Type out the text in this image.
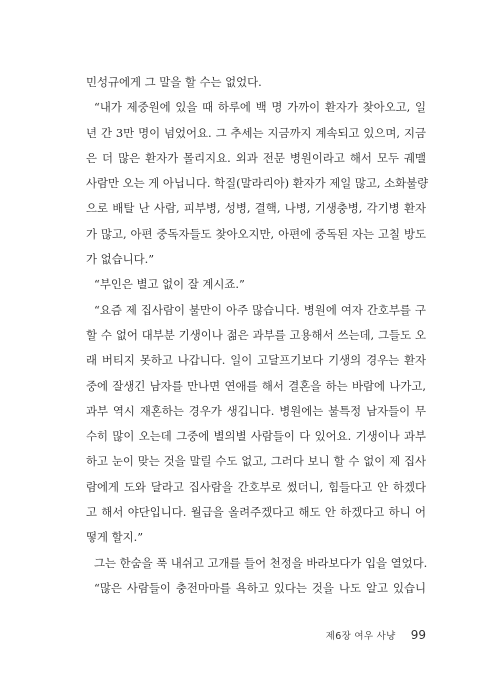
민성규에게 그 말을 할 수는 없었다.
“내가 제중원에 있을 때 하루에 백 명 가까이 환자가 찾아오고, 일
년 간 3만 명이 넘었어요. 그 추세는 지금까지 계속되고 있으며, 지금
은 더 많은 환자가 몰리지요. 외과 전문 병원이라고 해서 모두 궤맬
사람만 오는 게 아닙니다. 학질(말라리아) 환자가 제일 많고, 소화불량
으로 배탈 난 사람, 피부병, 성병, 결핵, 나병, 기생충병, 각기병 환자
가 많고, 아편 중독자들도 찾아오지만, 아편에 중독된 자는 고칠 방도
가 없습니다.”
“부인은 별고 없이 잘 계시죠.”
“요즘 제 집사람이 불만이 아주 많습니다. 병원에 여자 간호부를 구
할 수 없어 대부분 기생이나 젊은 과부를 고용해서 쓰는데, 그들도 오
래 버티지 못하고 나갑니다. 일이 고달프기보다 기생의 경우는 환자
중에 잘생긴 남자를 만나면 연애를 해서 결혼을 하는 바람에 나가고,
과부 역시 재혼하는 경우가 생깁니다. 병원에는 불특정 남자들이 무
수히 많이 오는데 그중에 별의별 사람들이 다 있어요. 기생이나 과부
하고 눈이 맞는 것을 말릴 수도 없고, 그러다 보니 할 수 없이 제 집사
람에게 도와 달라고 집사람을 간호부로 썼더니, 힘들다고 안 하겠다
고 해서 야단입니다. 월급을 올려주겠다고 해도 안 하겠다고 하니 어
떻게 할지.”
그는 한숨을 푹 내쉬고 고개를 들어 천정을 바라보다가 입을 열었다.
“많은 사람들이 충전마마를 욕하고 있다는 것을 나도 알고 있습니
제6장 여우 사냥 99
